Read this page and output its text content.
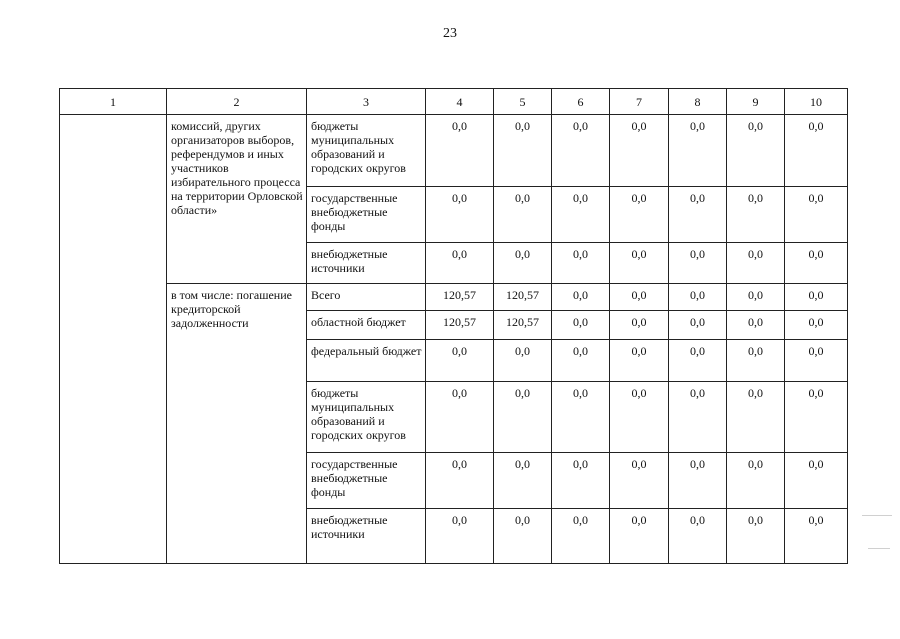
23
1	2	3	4	5	6	7	8	9	10
	комиссий, других организаторов выборов, референдумов и иных участников избирательного процесса на территории Орловской области»	бюджеты муниципальных образований и городских округов	0,0	0,0	0,0	0,0	0,0	0,0	0,0
		государственные внебюджетные фонды	0,0	0,0	0,0	0,0	0,0	0,0	0,0
		внебюджетные источники	0,0	0,0	0,0	0,0	0,0	0,0	0,0
	в том числе: погашение кредиторской задолженности	Всего	120,57	120,57	0,0	0,0	0,0	0,0	0,0
		областной бюджет	120,57	120,57	0,0	0,0	0,0	0,0	0,0
		федеральный бюджет	0,0	0,0	0,0	0,0	0,0	0,0	0,0
		бюджеты муниципальных образований и городских округов	0,0	0,0	0,0	0,0	0,0	0,0	0,0
		государственные внебюджетные фонды	0,0	0,0	0,0	0,0	0,0	0,0	0,0
		внебюджетные источники	0,0	0,0	0,0	0,0	0,0	0,0	0,0
